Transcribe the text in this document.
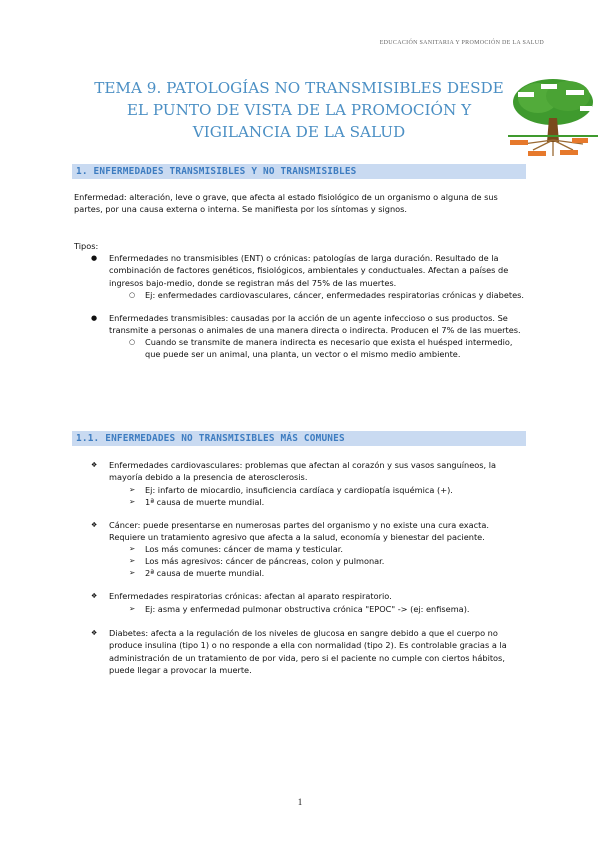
EDUCACIÓN SANITARIA Y PROMOCIÓN DE LA SALUD
TEMA 9. PATOLOGÍAS NO TRANSMISIBLES DESDE
EL PUNTO DE VISTA DE LA PROMOCIÓN Y
VIGILANCIA DE LA SALUD
1. ENFERMEDADES TRANSMISIBLES Y NO TRANSMISIBLES

Enfermedad: alteración, leve o grave, que afecta al estado fisiológico de un organismo o alguna de sus partes, por una causa externa o interna. Se manifiesta por los síntomas y signos.

Tipos:
● Enfermedades no transmisibles (ENT) o crónicas: patologías de larga duración. Resultado de la combinación de factores genéticos, fisiológicos, ambientales y conductuales. Afectan a países de ingresos bajo-medio, donde se registran más del 75% de las muertes.
○ Ej: enfermedades cardiovasculares, cáncer, enfermedades respiratorias crónicas y diabetes.
● Enfermedades transmisibles: causadas por la acción de un agente infeccioso o sus productos. Se transmite a personas o animales de una manera directa o indirecta. Producen el 7% de las muertes.
○ Cuando se transmite de manera indirecta es necesario que exista el huésped intermedio, que puede ser un animal, una planta, un vector o el mismo medio ambiente.
1.1. ENFERMEDADES NO TRANSMISIBLES MÁS COMUNES
❖ Enfermedades cardiovasculares: problemas que afectan al corazón y sus vasos sanguíneos, la mayoría debido a la presencia de aterosclerosis.
➢ Ej: infarto de miocardio, insuficiencia cardíaca y cardiopatía isquémica (+).
➢ 1ª causa de muerte mundial.
❖ Cáncer: puede presentarse en numerosas partes del organismo y no existe una cura exacta. Requiere un tratamiento agresivo que afecta a la salud, economía y bienestar del paciente.
➢ Los más comunes: cáncer de mama y testicular.
➢ Los más agresivos: cáncer de páncreas, colon y pulmonar.
➢ 2ª causa de muerte mundial.
❖ Enfermedades respiratorias crónicas: afectan al aparato respiratorio.
➢ Ej: asma y enfermedad pulmonar obstructiva crónica "EPOC" -> (ej: enfisema).
❖ Diabetes: afecta a la regulación de los niveles de glucosa en sangre debido a que el cuerpo no produce insulina (tipo 1) o no responde a ella con normalidad (tipo 2). Es controlable gracias a la administración de un tratamiento de por vida, pero si el paciente no cumple con ciertos hábitos, puede llegar a provocar la muerte.
1
